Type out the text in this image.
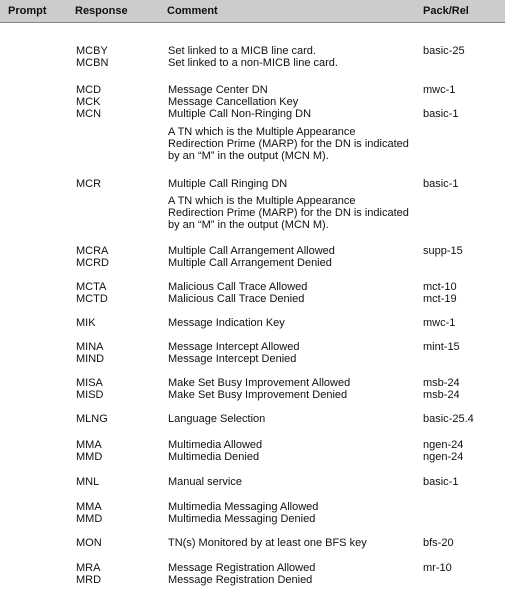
Prompt	Response	Comment	Pack/Rel
MCBY	Set linked to a MICB line card.	basic-25
MCBN	Set linked to a non-MICB line card.
MCD	Message Center DN	mwc-1
MCK	Message Cancellation Key
MCN	Multiple Call Non-Ringing DN	basic-1
A TN which is the Multiple Appearance
Redirection Prime (MARP) for the DN is indicated
by an “M” in the output (MCN M).
MCR	Multiple Call Ringing DN	basic-1
A TN which is the Multiple Appearance
Redirection Prime (MARP) for the DN is indicated
by an “M” in the output (MCN M).
MCRA	Multiple Call Arrangement Allowed	supp-15
MCRD	Multiple Call Arrangement Denied
MCTA	Malicious Call Trace Allowed	mct-10
MCTD	Malicious Call Trace Denied	mct-19
MIK	Message Indication Key	mwc-1
MINA	Message Intercept Allowed	mint-15
MIND	Message Intercept Denied
MISA	Make Set Busy Improvement Allowed	msb-24
MISD	Make Set Busy Improvement Denied	msb-24
MLNG	Language Selection	basic-25.4
MMA	Multimedia Allowed	ngen-24
MMD	Multimedia Denied	ngen-24
MNL	Manual service	basic-1
MMA	Multimedia Messaging Allowed
MMD	Multimedia Messaging Denied
MON	TN(s) Monitored by at least one BFS key	bfs-20
MRA	Message Registration Allowed	mr-10
MRD	Message Registration Denied
